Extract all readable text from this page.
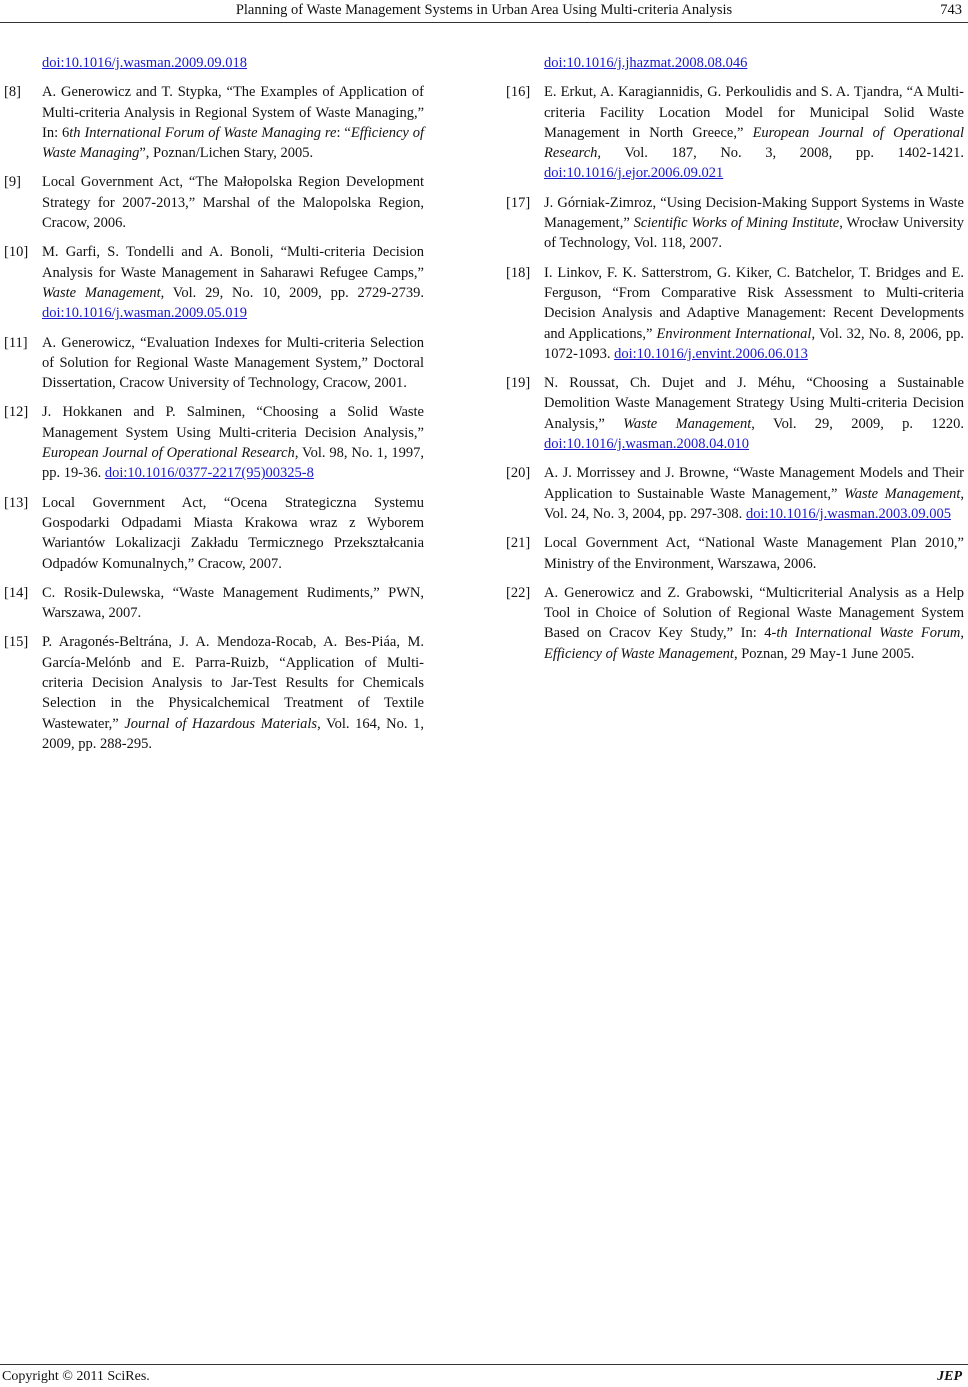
Planning of Waste Management Systems in Urban Area Using Multi-criteria Analysis	743
doi:10.1016/j.wasman.2009.09.018
[8] A. Generowicz and T. Stypka, “The Examples of Application of Multi-criteria Analysis in Regional System of Waste Managing,” In: 6th International Forum of Waste Managing re: “Efficiency of Waste Managing”, Poznan/Lichen Stary, 2005.
[9] Local Government Act, “The Małopolska Region Development Strategy for 2007-2013,” Marshal of the Malopolska Region, Cracow, 2006.
[10] M. Garfi, S. Tondelli and A. Bonoli, “Multi-criteria Decision Analysis for Waste Management in Saharawi Refugee Camps,” Waste Management, Vol. 29, No. 10, 2009, pp. 2729-2739. doi:10.1016/j.wasman.2009.05.019
[11] A. Generowicz, “Evaluation Indexes for Multi-criteria Selection of Solution for Regional Waste Management System,” Doctoral Dissertation, Cracow University of Technology, Cracow, 2001.
[12] J. Hokkanen and P. Salminen, “Choosing a Solid Waste Management System Using Multi-criteria Decision Analysis,” European Journal of Operational Research, Vol. 98, No. 1, 1997, pp. 19-36. doi:10.1016/0377-2217(95)00325-8
[13] Local Government Act, “Ocena Strategiczna Systemu Gospodarki Odpadami Miasta Krakowa wraz z Wyborem Wariantów Lokalizacji Zakładu Termicznego Przekształcania Odpadów Komunalnych,” Cracow, 2007.
[14] C. Rosik-Dulewska, “Waste Management Rudiments,” PWN, Warszawa, 2007.
[15] P. Aragonés-Beltrána, J. A. Mendoza-Rocab, A. Bes-Piáa, M. García-Melónb and E. Parra-Ruizb, “Application of Multi-criteria Decision Analysis to Jar-Test Results for Chemicals Selection in the Physicalchemical Treatment of Textile Wastewater,” Journal of Hazardous Materials, Vol. 164, No. 1, 2009, pp. 288-295.
doi:10.1016/j.jhazmat.2008.08.046
[16] E. Erkut, A. Karagiannidis, G. Perkoulidis and S. A. Tjandra, “A Multi-criteria Facility Location Model for Municipal Solid Waste Management in North Greece,” European Journal of Operational Research, Vol. 187, No. 3, 2008, pp. 1402-1421. doi:10.1016/j.ejor.2006.09.021
[17] J. Górniak-Zimroz, “Using Decision-Making Support Systems in Waste Management,” Scientific Works of Mining Institute, Wrocław University of Technology, Vol. 118, 2007.
[18] I. Linkov, F. K. Satterstrom, G. Kiker, C. Batchelor, T. Bridges and E. Ferguson, “From Comparative Risk Assessment to Multi-criteria Decision Analysis and Adaptive Management: Recent Developments and Applications,” Environment International, Vol. 32, No. 8, 2006, pp. 1072-1093. doi:10.1016/j.envint.2006.06.013
[19] N. Roussat, Ch. Dujet and J. Méhu, “Choosing a Sustainable Demolition Waste Management Strategy Using Multi-criteria Decision Analysis,” Waste Management, Vol. 29, 2009, p. 1220. doi:10.1016/j.wasman.2008.04.010
[20] A. J. Morrissey and J. Browne, “Waste Management Models and Their Application to Sustainable Waste Management,” Waste Management, Vol. 24, No. 3, 2004, pp. 297-308. doi:10.1016/j.wasman.2003.09.005
[21] Local Government Act, “National Waste Management Plan 2010,” Ministry of the Environment, Warszawa, 2006.
[22] A. Generowicz and Z. Grabowski, “Multicriterial Analysis as a Help Tool in Choice of Solution of Regional Waste Management System Based on Cracov Key Study,” In: 4-th International Waste Forum, Efficiency of Waste Management, Poznan, 29 May-1 June 2005.
Copyright © 2011 SciRes.	JEP
